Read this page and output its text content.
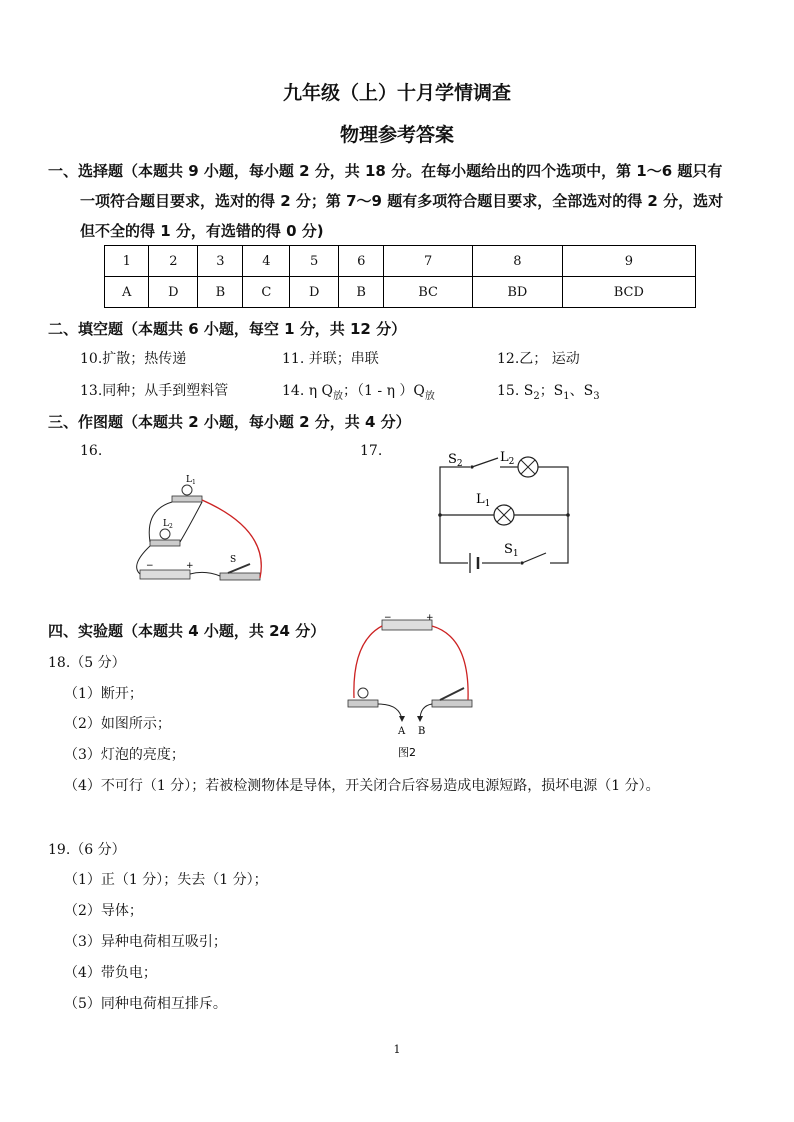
九年级（上）十月学情调查
物理参考答案
一、选择题（本题共 9 小题，每小题 2 分，共 18 分。在每小题给出的四个选项中，第 1～6 题只有
一项符合题目要求，选对的得 2 分；第 7～9 题有多项符合题目要求，全部选对的得 2 分，选对
但不全的得 1 分，有选错的得 0 分)
1	2	3	4	5	6	7	8	9
A	D	B	C	D	B	BC	BD	BCD
二、填空题（本题共 6 小题，每空 1 分，共 12 分）
10.扩散；热传递	11. 并联；串联	12.乙； 运动
13.同种；从手到塑料管	14. η $Q_放$；（1 - η ）$Q_放$	15. $S_2$；$S_1$、$S_3$
三、作图题（本题共 2 小题，每小题 2 分，共 4 分）
16.	17.
$L_1$
$L_2$
−	+
S
$S_2$	$L_2$
$L_1$
$S_1$
四、实验题（本题共 4 小题，共 24 分）
18.（5 分）
（1）断开；
（2）如图所示；
（3）灯泡的亮度；
（4）不可行（1 分）；若被检测物体是导体，开关闭合后容易造成电源短路，损坏电源（1 分）。
−	+
A B
图2
19.（6 分）
（1）正（1 分）；失去（1 分）；
（2）导体；
（3）异种电荷相互吸引；
（4）带负电；
（5）同种电荷相互排斥。
1
